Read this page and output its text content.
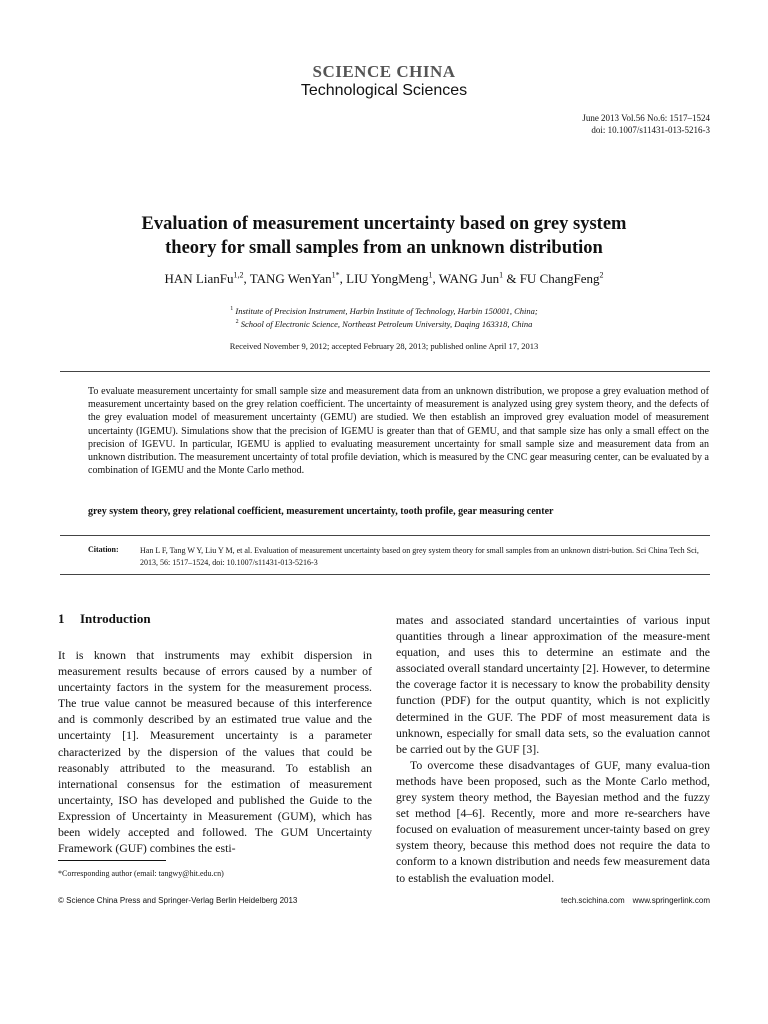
SCIENCE CHINA
Technological Sciences
June 2013 Vol.56 No.6: 1517–1524
doi: 10.1007/s11431-013-5216-3
Evaluation of measurement uncertainty based on grey system
theory for small samples from an unknown distribution
HAN LianFu$^{1,2}$, TANG WenYan$^{1*}$, LIU YongMeng$^1$, WANG Jun$^1$ & FU ChangFeng$^2$
$^1$ Institute of Precision Instrument, Harbin Institute of Technology, Harbin 150001, China;
$^2$ School of Electronic Science, Northeast Petroleum University, Daqing 163318, China
Received November 9, 2012; accepted February 28, 2013; published online April 17, 2013
To evaluate measurement uncertainty for small sample size and measurement data from an unknown distribution, we propose a grey evaluation method of measurement uncertainty based on the grey relation coefficient. The uncertainty of measurement is analyzed using grey system theory, and the defects of the grey evaluation model of measurement uncertainty (GEMU) are studied. We then establish an improved grey evaluation model of measurement uncertainty (IGEMU). Simulations show that the precision of IGEMU is greater than that of GEMU, and that sample size has only a small effect on the precision of IGEVU. In particular, IGEMU is applied to evaluating measurement uncertainty for small sample size and measurement data from an unknown distribution. The measurement uncertainty of total profile deviation, which is measured by the CNC gear measuring center, can be evaluated by a combination of IGEMU and the Monte Carlo method.
grey system theory, grey relational coefficient, measurement uncertainty, tooth profile, gear measuring center
Citation:	Han L F, Tang W Y, Liu Y M, et al. Evaluation of measurement uncertainty based on grey system theory for small samples from an unknown distri-bution. Sci China Tech Sci, 2013, 56: 1517–1524, doi: 10.1007/s11431-013-5216-3
1 Introduction

It is known that instruments may exhibit dispersion in measurement results because of errors caused by a number of uncertainty factors in the system for the measurement process. The true value cannot be measured because of this interference and is commonly described by an estimated true value and the uncertainty [1]. Measurement uncertainty is a parameter characterized by the dispersion of the values that could be reasonably attributed to the measurand. To establish an international consensus for the estimation of measurement uncertainty, ISO has developed and published the Guide to the Expression of Uncertainty in Measurement (GUM), which has been widely accepted and followed. The GUM Uncertainty Framework (GUF) combines the esti-

mates and associated standard uncertainties of various input quantities through a linear approximation of the measure-ment equation, and uses this to determine an estimate and the associated overall standard uncertainty [2]. However, to determine the coverage factor it is necessary to know the probability density function (PDF) for the output quantity, which is not explicitly determined in the GUF. The PDF of most measurement data is unknown, especially for small data sets, so the evaluation cannot be carried out by the GUF [3].

To overcome these disadvantages of GUF, many evalua-tion methods have been proposed, such as the Monte Carlo method, grey system theory method, the Bayesian method and the fuzzy set method [4–6]. Recently, more and more re-searchers have focused on evaluation of measurement uncer-tainty based on grey system theory, because this method does not require the data to conform to a known distribution and needs few measurement data to establish the evaluation model.

*Corresponding author (email: tangwy@hit.edu.cn)
© Science China Press and Springer-Verlag Berlin Heidelberg 2013	tech.scichina.com www.springerlink.com
